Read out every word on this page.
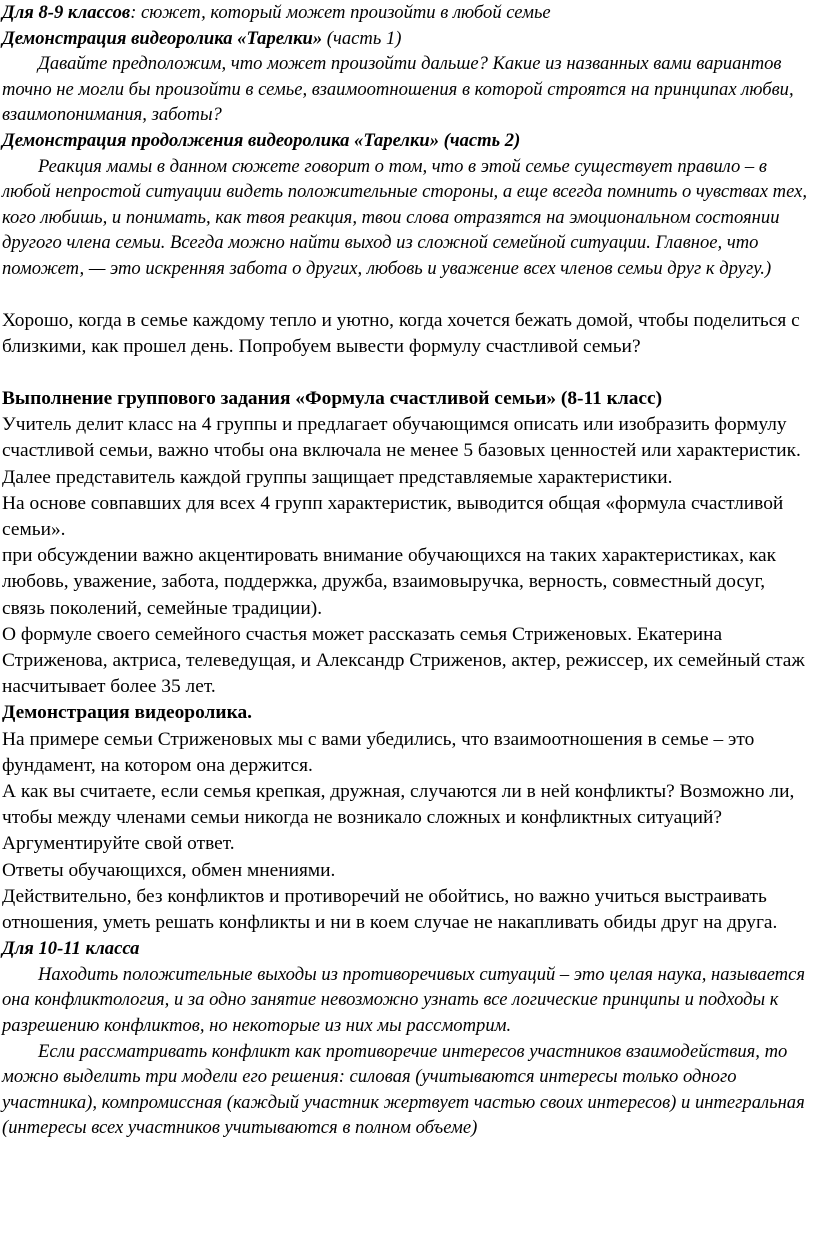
Для 8-9 классов: сюжет, который может произойти в любой семье

Демонстрация видеоролика «Тарелки» (часть 1)

Давайте предположим, что может произойти дальше? Какие из названных вами вариантов точно не могли бы произойти в семье, взаимоотношения в которой строятся на принципах любви, взаимопонимания, заботы?

Демонстрация продолжения видеоролика «Тарелки» (часть 2)

Реакция мамы в данном сюжете говорит о том, что в этой семье существует правило – в любой непростой ситуации видеть положительные стороны, а еще всегда помнить о чувствах тех, кого любишь, и понимать, как твоя реакция, твои слова отразятся на эмоциональном состоянии другого члена семьи. Всегда можно найти выход из сложной семейной ситуации. Главное, что поможет, — это искренняя забота о других, любовь и уважение всех членов семьи друг к другу.)

Хорошо, когда в семье каждому тепло и уютно, когда хочется бежать домой, чтобы поделиться с близкими, как прошел день. Попробуем вывести формулу счастливой семьи?

Выполнение группового задания «Формула счастливой семьи» (8-11 класс)

Учитель делит класс на 4 группы и предлагает обучающимся описать или изобразить формулу счастливой семьи, важно чтобы она включала не менее 5 базовых ценностей или характеристик.

Далее представитель каждой группы защищает представляемые характеристики.

На основе совпавших для всех 4 групп характеристик, выводится общая «формула счастливой семьи».

при обсуждении важно акцентировать внимание обучающихся на таких характеристиках, как любовь, уважение, забота, поддержка, дружба, взаимовыручка, верность, совместный досуг, связь поколений, семейные традиции).

О формуле своего семейного счастья может рассказать семья Стриженовых. Екатерина Стриженова, актриса, телеведущая, и Александр Стриженов, актер, режиссер, их семейный стаж насчитывает более 35 лет.

Демонстрация видеоролика.

На примере семьи Стриженовых мы с вами убедились, что взаимоотношения в семье – это фундамент, на котором она держится.

А как вы считаете, если семья крепкая, дружная, случаются ли в ней конфликты? Возможно ли, чтобы между членами семьи никогда не возникало сложных и конфликтных ситуаций? Аргументируйте свой ответ.

Ответы обучающихся, обмен мнениями.

Действительно, без конфликтов и противоречий не обойтись, но важно учиться выстраивать отношения, уметь решать конфликты и ни в коем случае не накапливать обиды друг на друга.

Для 10-11 класса

Находить положительные выходы из противоречивых ситуаций – это целая наука, называется она конфликтология, и за одно занятие невозможно узнать все логические принципы и подходы к разрешению конфликтов, но некоторые из них мы рассмотрим.

Если рассматривать конфликт как противоречие интересов участников взаимодействия, то можно выделить три модели его решения: силовая (учитываются интересы только одного участника), компромиссная (каждый участник жертвует частью своих интересов) и интегральная (интересы всех участников учитываются в полном объеме)
